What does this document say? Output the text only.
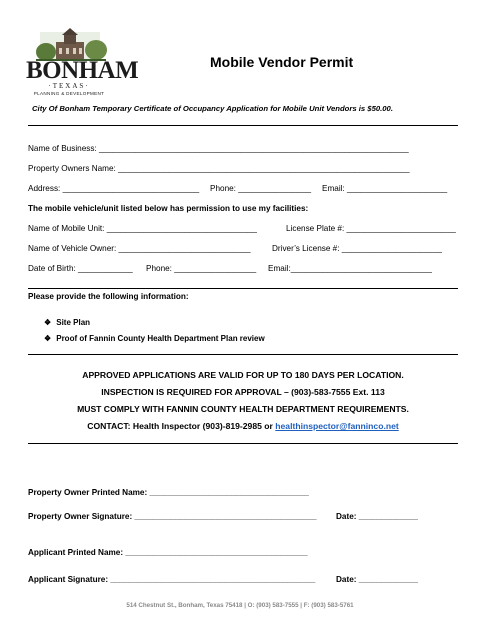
BONHAM
·TEXAS·
PLANNING & DEVELOPMENT
Mobile Vendor Permit
City Of Bonham Temporary Certificate of Occupancy Application for Mobile Unit Vendors is $50.00.
Name of Business: ____________________________________________________________________
Property Owners Name: ________________________________________________________________
Address: ______________________________ Phone: ________________ Email: ______________________
The mobile vehicle/unit listed below has permission to use my facilities:
Name of Mobile Unit: _________________________________	License Plate #: ________________________
Name of Vehicle Owner: _____________________________	Driver’s License #: ______________________
Date of Birth: ____________ Phone: __________________ Email:_______________________________
Please provide the following information:
❖ Site Plan
❖ Proof of Fannin County Health Department Plan review
APPROVED APPLICATIONS ARE VALID FOR UP TO 180 DAYS PER LOCATION.
INSPECTION IS REQUIRED FOR APPROVAL – (903)-583-7555 Ext. 113
MUST COMPLY WITH FANNIN COUNTY HEALTH DEPARTMENT REQUIREMENTS.
CONTACT: Health Inspector (903)-819-2985 or healthinspector@fanninco.net
Property Owner Printed Name: ___________________________________
Property Owner Signature: ________________________________________ Date: _____________
Applicant Printed Name: ________________________________________
Applicant Signature: _____________________________________________	Date: _____________
514 Chestnut St., Bonham, Texas 75418 | O: (903) 583-7555 | F: (903) 583-5761
